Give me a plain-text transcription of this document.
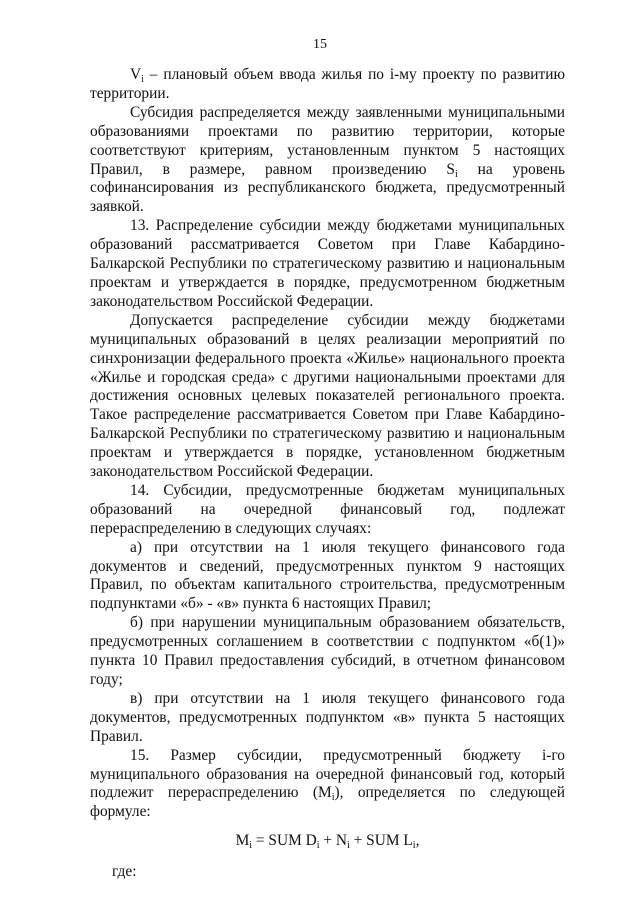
15

$V_i$ – плановый объем ввода жилья по i-му проекту по развитию территории.

Субсидия распределяется между заявленными муниципальными образованиями проектами по развитию территории, которые соответствуют критериям, установленным пунктом 5 настоящих Правил, в размере, равном произведению $S_i$ на уровень софинансирования из республиканского бюджета, предусмотренный заявкой.

13. Распределение субсидии между бюджетами муниципальных образований рассматривается Советом при Главе Кабардино-Балкарской Республики по стратегическому развитию и национальным проектам и утверждается в порядке, предусмотренном бюджетным законодательством Российской Федерации.

Допускается распределение субсидии между бюджетами муниципальных образований в целях реализации мероприятий по синхронизации федерального проекта «Жилье» национального проекта «Жилье и городская среда» с другими национальными проектами для достижения основных целевых показателей регионального проекта. Такое распределение рассматривается Советом при Главе Кабардино-Балкарской Республики по стратегическому развитию и национальным проектам и утверждается в порядке, установленном бюджетным законодательством Российской Федерации.

14. Субсидии, предусмотренные бюджетам муниципальных образований на очередной финансовый год, подлежат перераспределению в следующих случаях:

а) при отсутствии на 1 июля текущего финансового года документов и сведений, предусмотренных пунктом 9 настоящих Правил, по объектам капитального строительства, предусмотренным подпунктами «б» - «в» пункта 6 настоящих Правил;

б) при нарушении муниципальным образованием обязательств, предусмотренных соглашением в соответствии с подпунктом «б(1)» пункта 10 Правил предоставления субсидий, в отчетном финансовом году;

в) при отсутствии на 1 июля текущего финансового года документов, предусмотренных подпунктом «в» пункта 5 настоящих Правил.

15. Размер субсидии, предусмотренный бюджету i-го муниципального образования на очередной финансовый год, который подлежит перераспределению $(M_i)$, определяется по следующей формуле:

$M_i$ = SUM $D_i + N_i$ + SUM $L_i$,

где:
